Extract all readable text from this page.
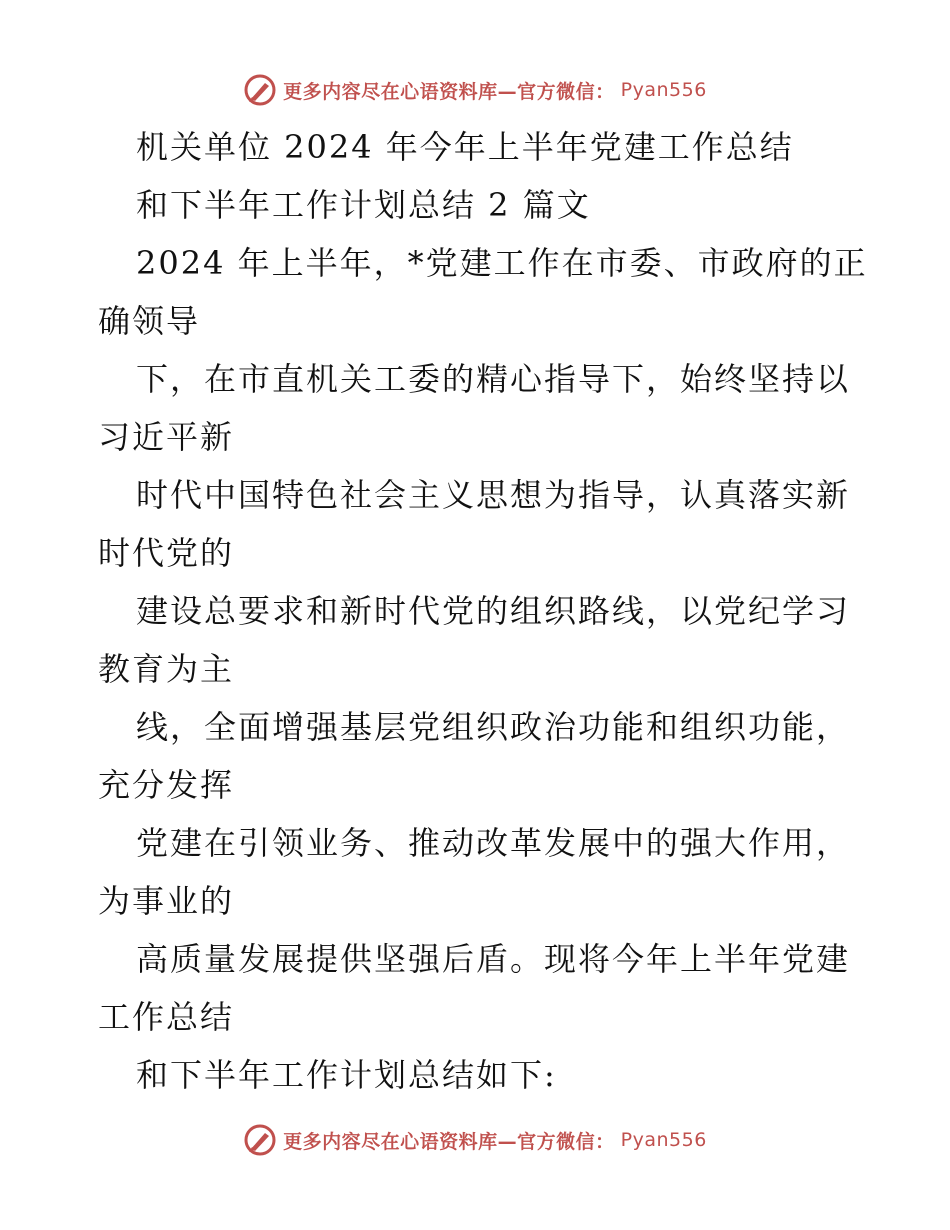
更多内容尽在心语资料库—官方微信： Pyan556
机关单位 2024 年今年上半年党建工作总结
和下半年工作计划总结 2 篇文
2024 年上半年，*党建工作在市委、市政府的正
确领导
下，在市直机关工委的精心指导下，始终坚持以
习近平新
时代中国特色社会主义思想为指导，认真落实新
时代党的
建设总要求和新时代党的组织路线，以党纪学习
教育为主
线，全面增强基层党组织政治功能和组织功能，
充分发挥
党建在引领业务、推动改革发展中的强大作用，
为事业的
高质量发展提供坚强后盾。现将今年上半年党建
工作总结
和下半年工作计划总结如下:
更多内容尽在心语资料库—官方微信： Pyan556
